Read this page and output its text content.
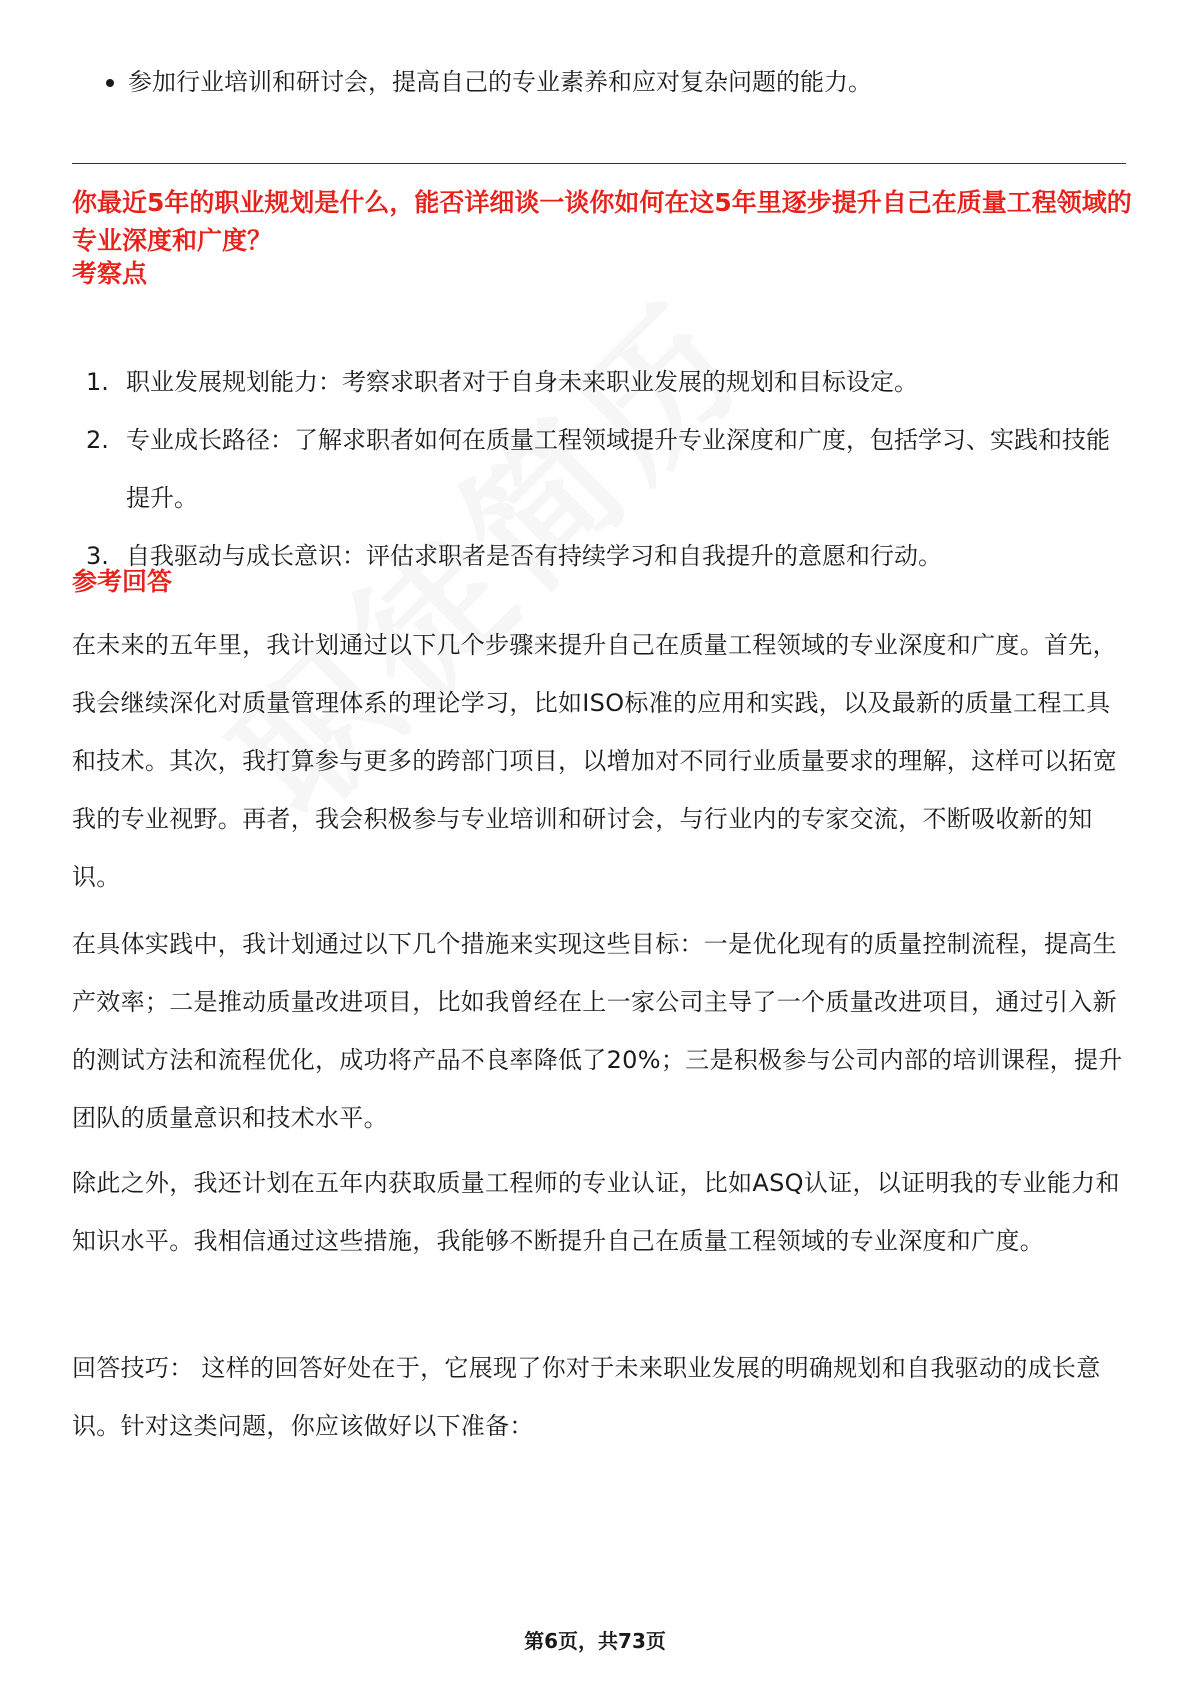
参加行业培训和研讨会，提高自己的专业素养和应对复杂问题的能力。
你最近5年的职业规划是什么，能否详细谈一谈你如何在这5年里逐步提升自己在质量工程领域的专业深度和广度？
考察点
1. 职业发展规划能力：考察求职者对于自身未来职业发展的规划和目标设定。
2. 专业成长路径：了解求职者如何在质量工程领域提升专业深度和广度，包括学习、实践和技能提升。
3. 自我驱动与成长意识：评估求职者是否有持续学习和自我提升的意愿和行动。
参考回答

在未来的五年里，我计划通过以下几个步骤来提升自己在质量工程领域的专业深度和广度。首先，我会继续深化对质量管理体系的理论学习，比如ISO标准的应用和实践，以及最新的质量工程工具和技术。其次，我打算参与更多的跨部门项目，以增加对不同行业质量要求的理解，这样可以拓宽我的专业视野。再者，我会积极参与专业培训和研讨会，与行业内的专家交流，不断吸收新的知识。

在具体实践中，我计划通过以下几个措施来实现这些目标：一是优化现有的质量控制流程，提高生产效率；二是推动质量改进项目，比如我曾经在上一家公司主导了一个质量改进项目，通过引入新的测试方法和流程优化，成功将产品不良率降低了20%；三是积极参与公司内部的培训课程，提升团队的质量意识和技术水平。

除此之外，我还计划在五年内获取质量工程师的专业认证，比如ASQ认证，以证明我的专业能力和知识水平。我相信通过这些措施，我能够不断提升自己在质量工程领域的专业深度和广度。

回答技巧： 这样的回答好处在于，它展现了你对于未来职业发展的明确规划和自我驱动的成长意识。针对这类问题，你应该做好以下准备：

第6页，共73页
